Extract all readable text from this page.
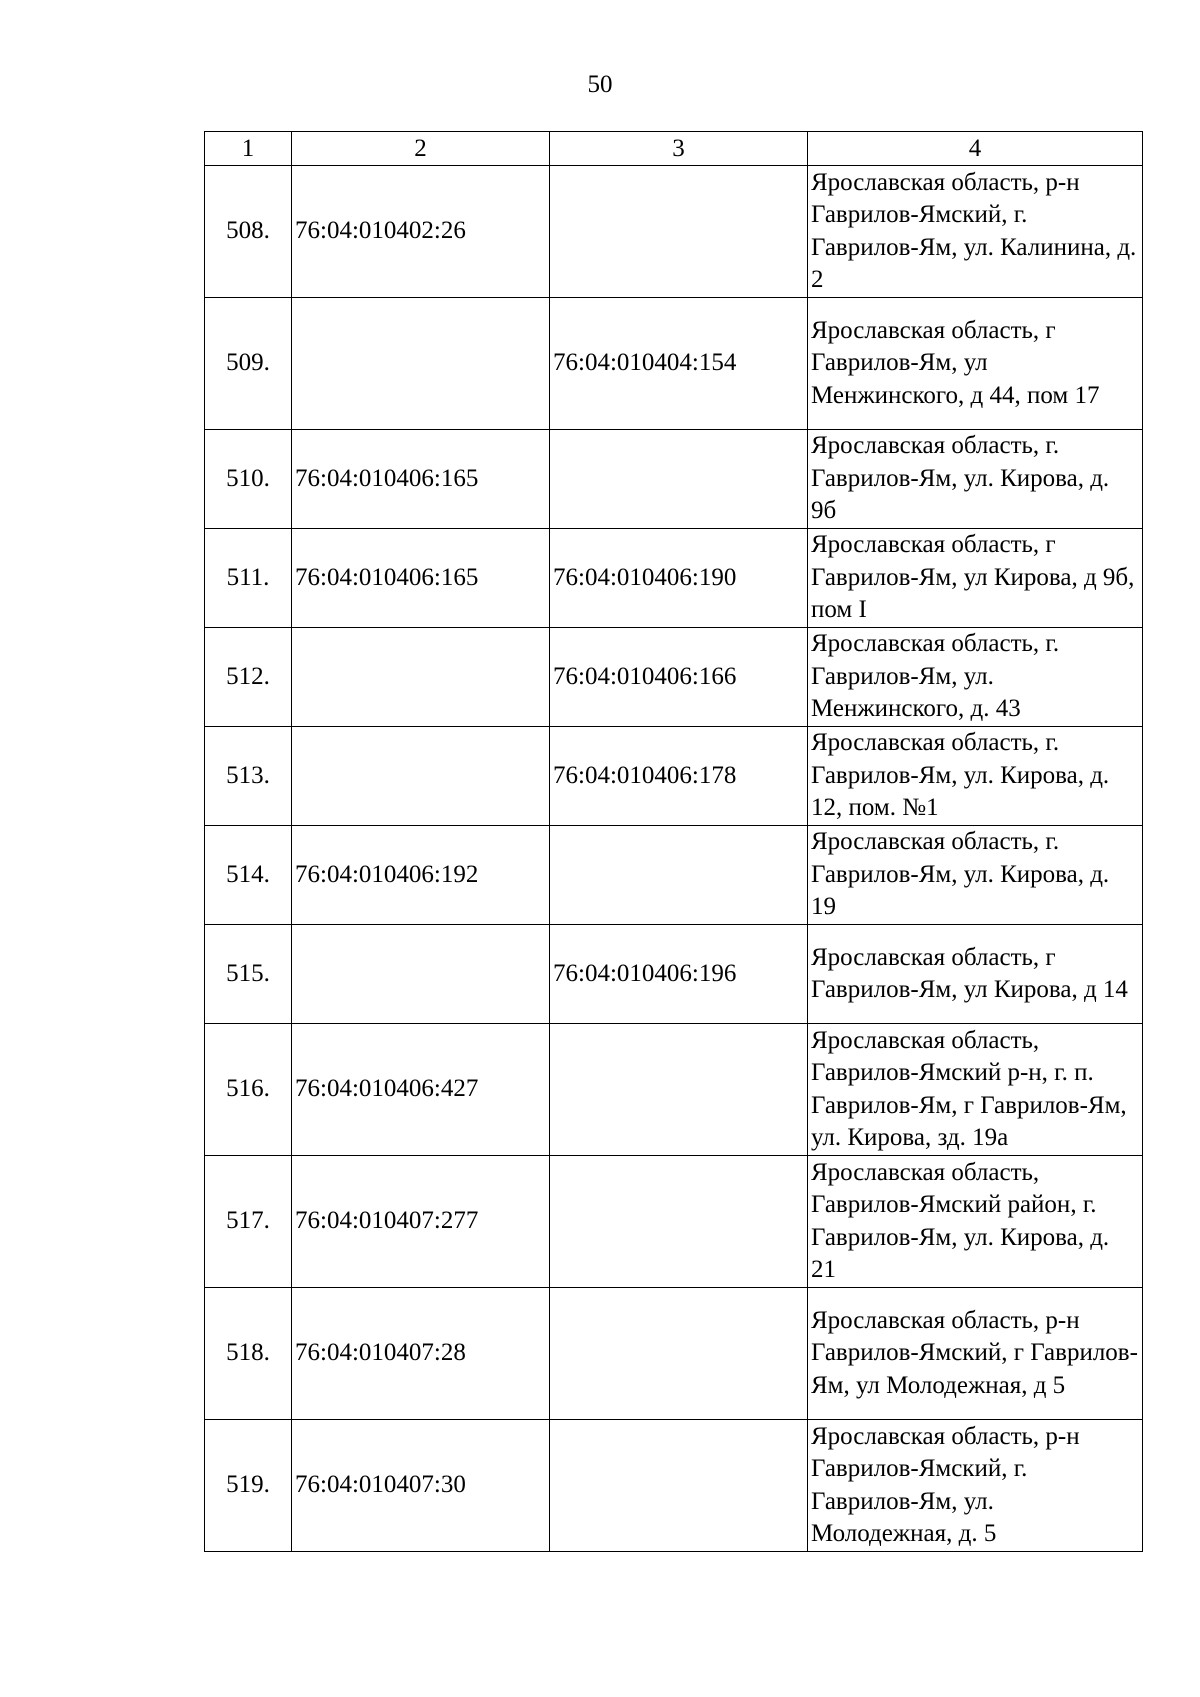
50
1	2	3	4
508.	76:04:010402:26		Ярославская область, р-н Гаврилов-Ямский, г. Гаврилов-Ям, ул. Калинина, д. 2
509.		76:04:010404:154	Ярославская область, г Гаврилов-Ям, ул Менжинского, д 44, пом 17
510.	76:04:010406:165		Ярославская область, г. Гаврилов-Ям, ул. Кирова, д. 9б
511.	76:04:010406:165	76:04:010406:190	Ярославская область, г Гаврилов-Ям, ул Кирова, д 9б, пом I
512.		76:04:010406:166	Ярославская область, г. Гаврилов-Ям, ул. Менжинского, д. 43
513.		76:04:010406:178	Ярославская область, г. Гаврилов-Ям, ул. Кирова, д. 12, пом. №1
514.	76:04:010406:192		Ярославская область, г. Гаврилов-Ям, ул. Кирова, д. 19
515.		76:04:010406:196	Ярославская область, г Гаврилов-Ям, ул Кирова, д 14
516.	76:04:010406:427		Ярославская область, Гаврилов-Ямский р-н, г. п. Гаврилов-Ям, г Гаврилов-Ям, ул. Кирова, зд. 19а
517.	76:04:010407:277		Ярославская область, Гаврилов-Ямский район, г. Гаврилов-Ям, ул. Кирова, д. 21
518.	76:04:010407:28		Ярославская область, р-н Гаврилов-Ямский, г Гаврилов-Ям, ул Молодежная, д 5
519.	76:04:010407:30		Ярославская область, р-н Гаврилов-Ямский, г. Гаврилов-Ям, ул. Молодежная, д. 5
